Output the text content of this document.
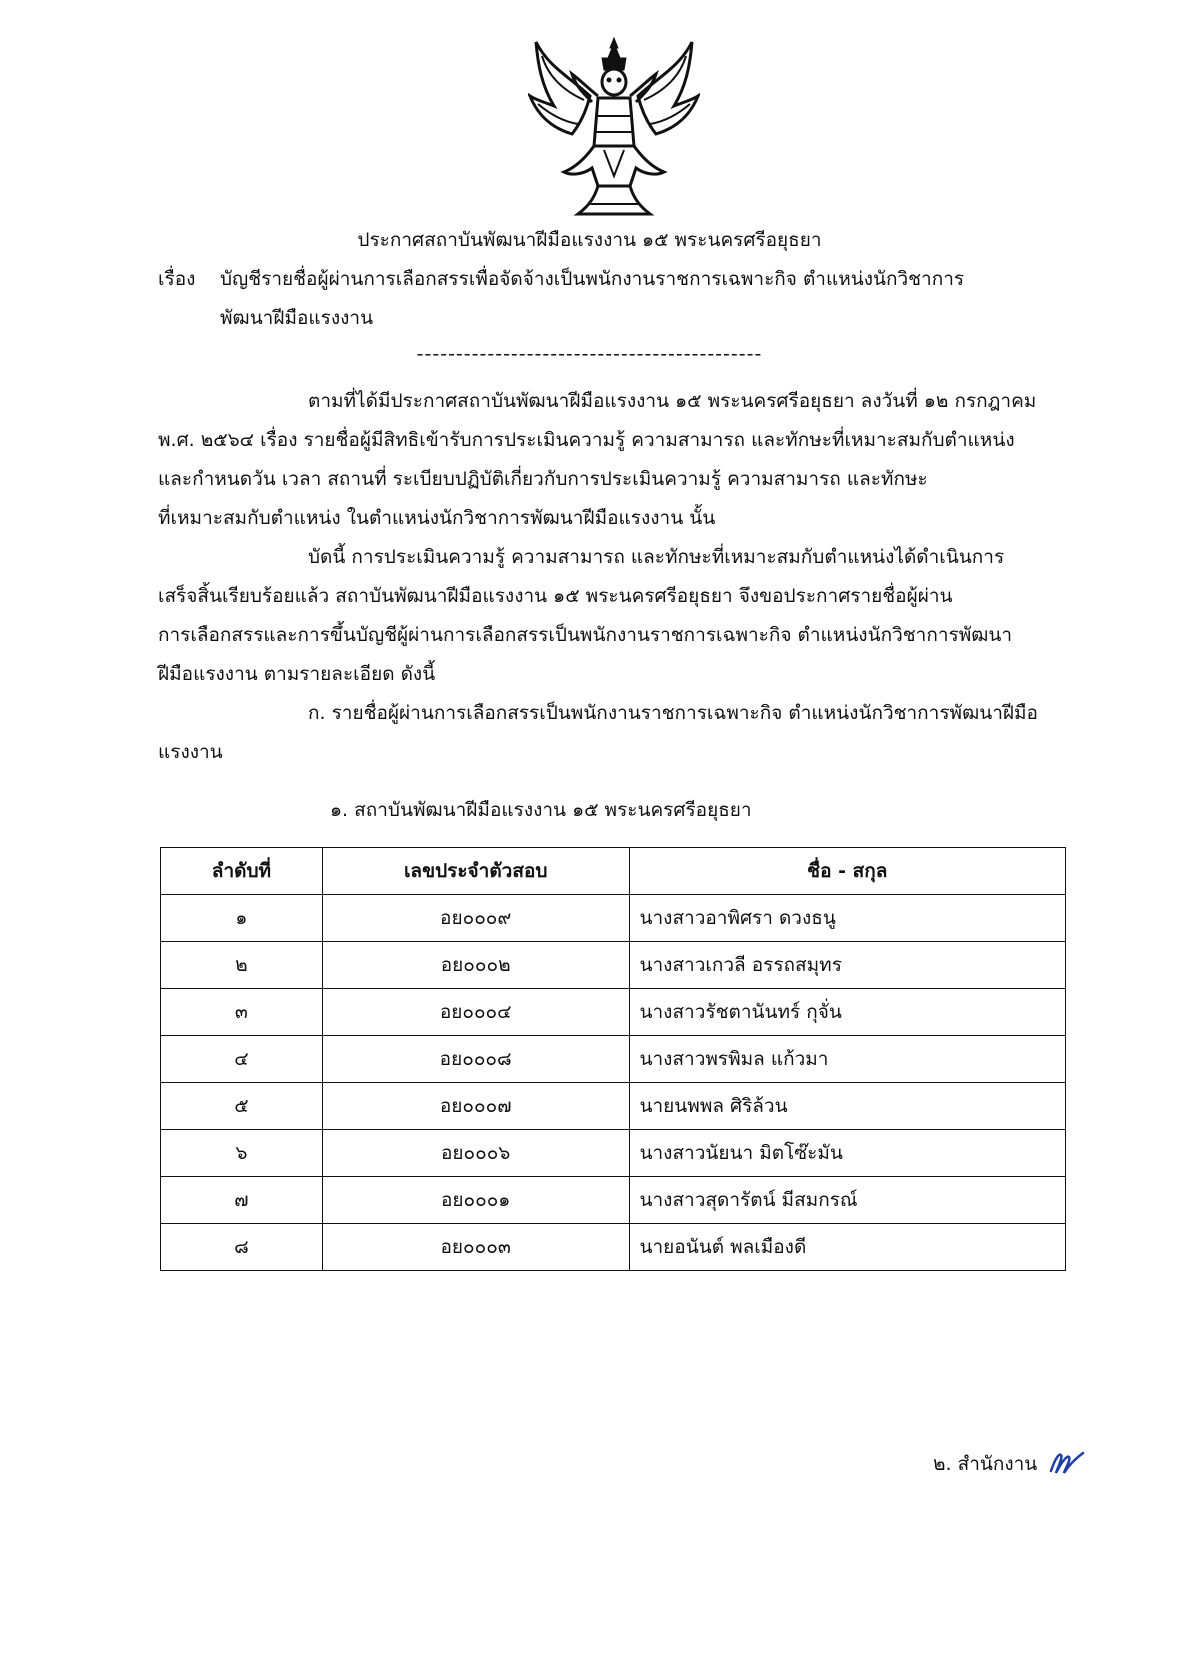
ประกาศสถาบันพัฒนาฝีมือแรงงาน ๑๕ พระนครศรีอยุธยา
เรื่อง บัญชีรายชื่อผู้ผ่านการเลือกสรรเพื่อจัดจ้างเป็นพนักงานราชการเฉพาะกิจ ตำแหน่งนักวิชาการ
พัฒนาฝีมือแรงงาน
--------------------------------------------
ตามที่ได้มีประกาศสถาบันพัฒนาฝีมือแรงงาน ๑๕ พระนครศรีอยุธยา ลงวันที่ ๑๒ กรกฎาคม
พ.ศ. ๒๕๖๔ เรื่อง รายชื่อผู้มีสิทธิเข้ารับการประเมินความรู้ ความสามารถ และทักษะที่เหมาะสมกับตำแหน่ง
และกำหนดวัน เวลา สถานที่ ระเบียบปฏิบัติเกี่ยวกับการประเมินความรู้ ความสามารถ และทักษะ
ที่เหมาะสมกับตำแหน่ง ในตำแหน่งนักวิชาการพัฒนาฝีมือแรงงาน นั้น
บัดนี้ การประเมินความรู้ ความสามารถ และทักษะที่เหมาะสมกับตำแหน่งได้ดำเนินการ
เสร็จสิ้นเรียบร้อยแล้ว สถาบันพัฒนาฝีมือแรงงาน ๑๕ พระนครศรีอยุธยา จึงขอประกาศรายชื่อผู้ผ่าน
การเลือกสรรและการขึ้นบัญชีผู้ผ่านการเลือกสรรเป็นพนักงานราชการเฉพาะกิจ ตำแหน่งนักวิชาการพัฒนา
ฝีมือแรงงาน ตามรายละเอียด ดังนี้
ก. รายชื่อผู้ผ่านการเลือกสรรเป็นพนักงานราชการเฉพาะกิจ ตำแหน่งนักวิชาการพัฒนาฝีมือ
แรงงาน
๑. สถาบันพัฒนาฝีมือแรงงาน ๑๕ พระนครศรีอยุธยา
ลำดับที่	เลขประจำตัวสอบ	ชื่อ - สกุล
๑	อย๐๐๐๙	นางสาวอาพิศรา ดวงธนู
๒	อย๐๐๐๒	นางสาวเกวลี อรรถสมุทร
๓	อย๐๐๐๔	นางสาวรัชตานันทร์ กุจั่น
๔	อย๐๐๐๘	นางสาวพรพิมล แก้วมา
๕	อย๐๐๐๗	นายนพพล ศิริล้วน
๖	อย๐๐๐๖	นางสาวนัยนา มิตโซ๊ะมัน
๗	อย๐๐๐๑	นางสาวสุดารัตน์ มีสมกรณ์
๘	อย๐๐๐๓	นายอนันต์ พลเมืองดี
๒. สำนักงาน
